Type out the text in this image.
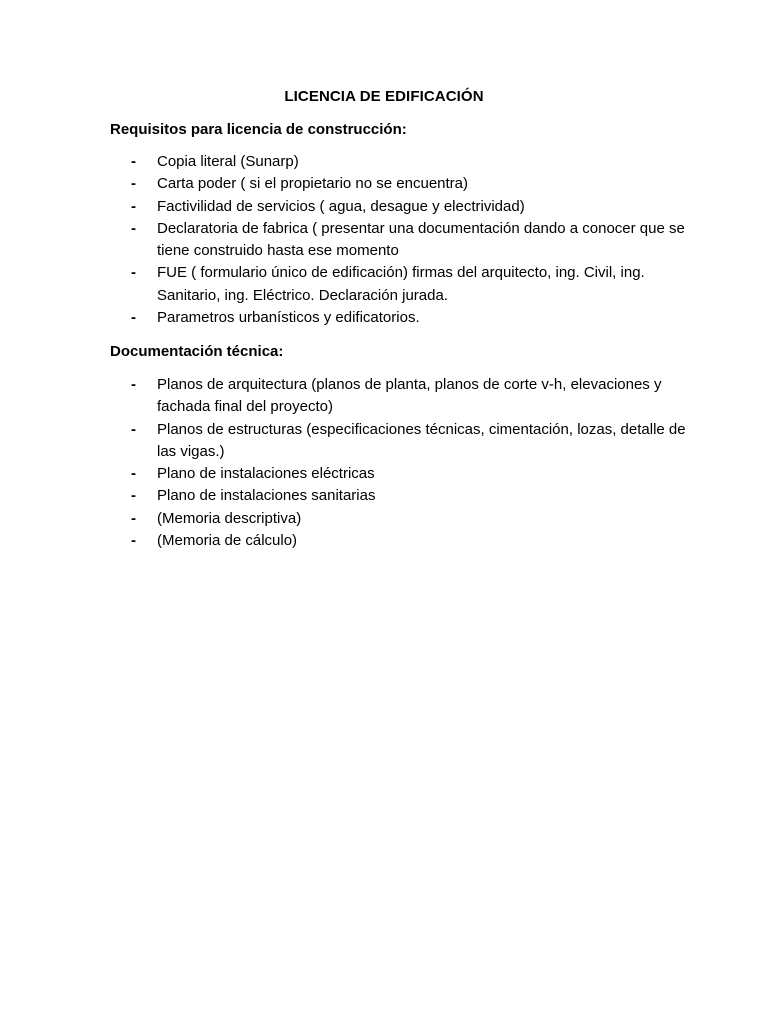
LICENCIA DE EDIFICACIÓN
Requisitos para licencia de construcción:
- Copia literal (Sunarp)
- Carta poder ( si el propietario no se encuentra)
- Factivilidad de servicios ( agua, desague y electrividad)
- Declaratoria de fabrica ( presentar una documentación dando a conocer que se tiene construido hasta ese momento
- FUE ( formulario único de edificación) firmas del arquitecto, ing. Civil, ing. Sanitario, ing. Eléctrico. Declaración jurada.
- Parametros urbanísticos y edificatorios.
Documentación técnica:
- Planos de arquitectura (planos de planta, planos de corte v-h, elevaciones y fachada final del proyecto)
- Planos de estructuras (especificaciones técnicas, cimentación, lozas, detalle de las vigas.)
- Plano de instalaciones eléctricas
- Plano de instalaciones sanitarias
- (Memoria descriptiva)
- (Memoria de cálculo)
